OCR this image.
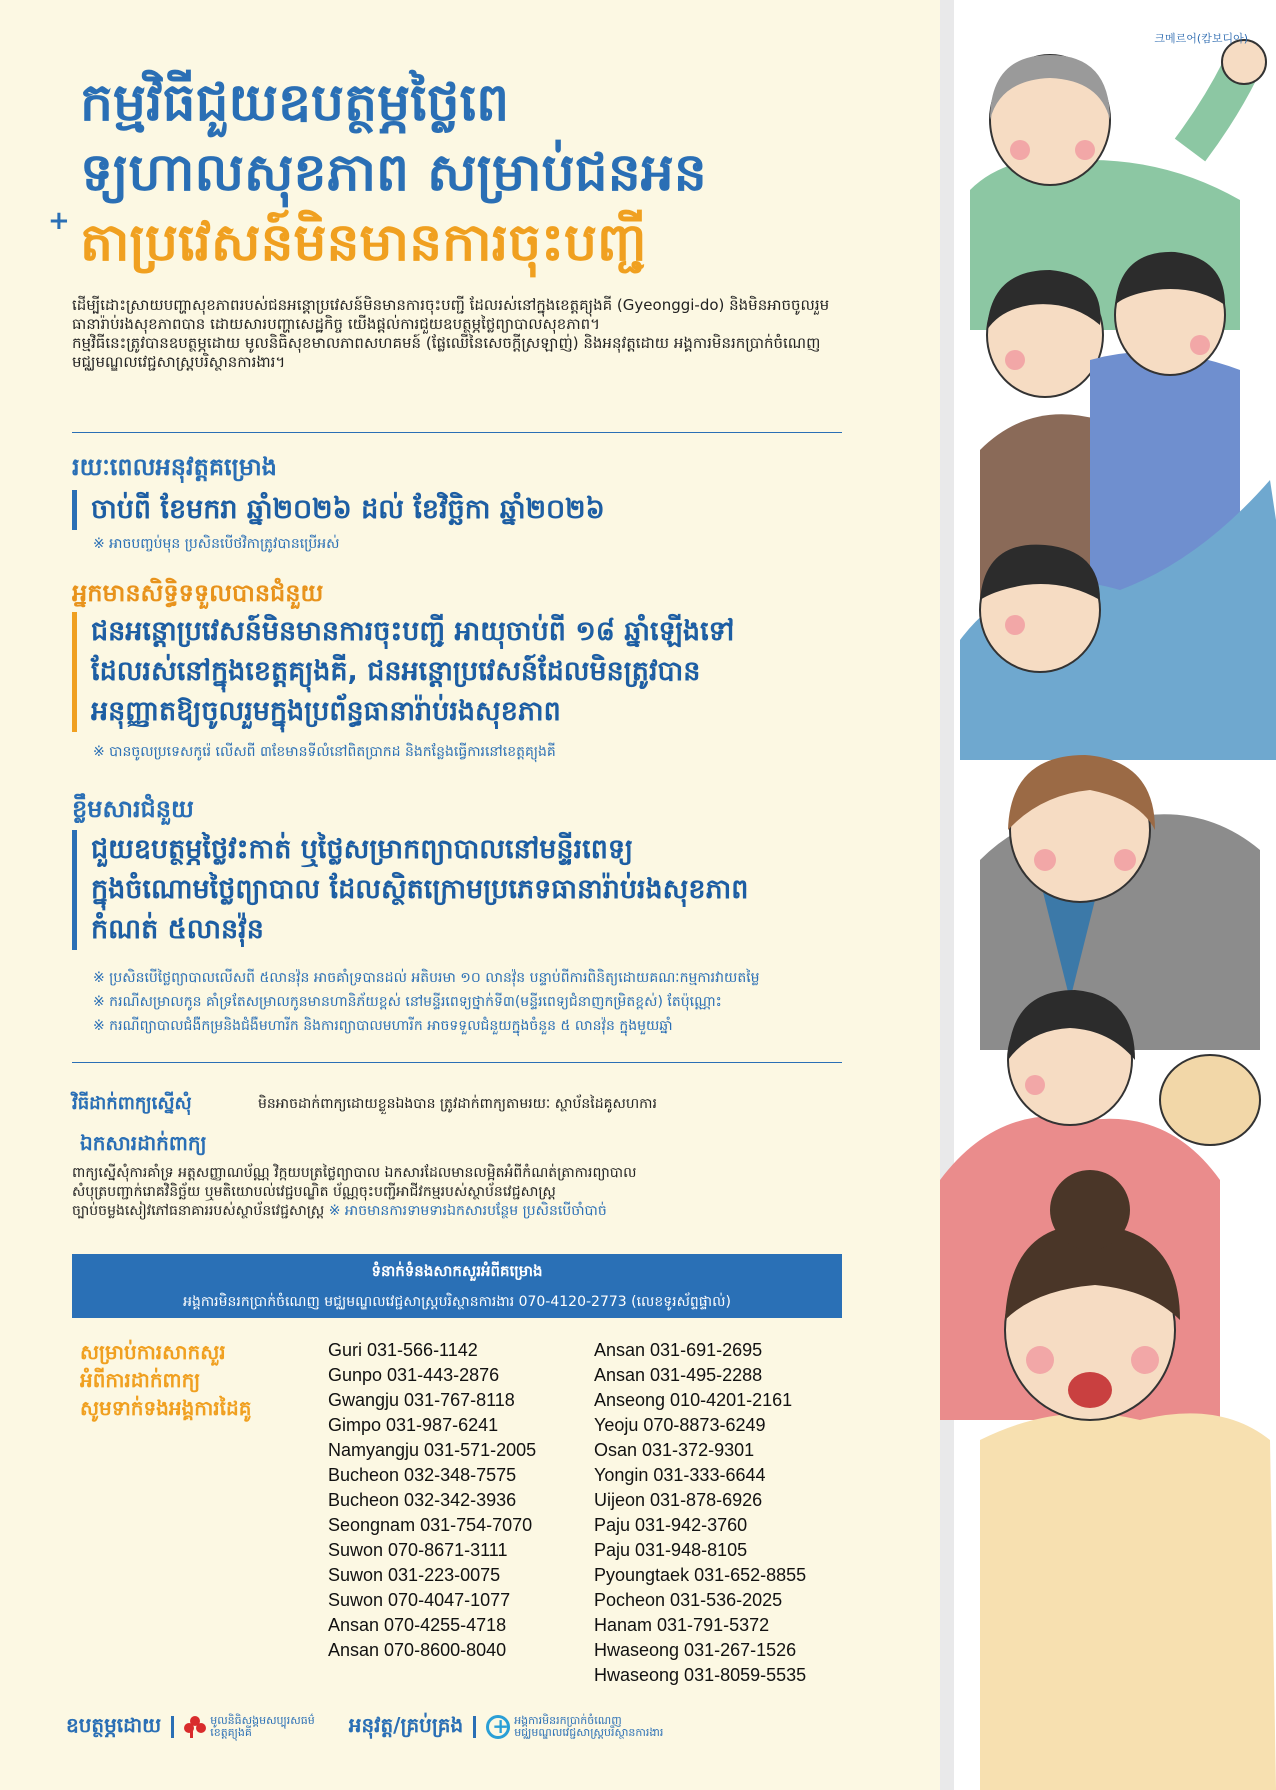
កម្មវិធីជួយឧបត្ថម្ភថ្លៃពេ
ទ្យហាលសុខភាព សម្រាប់ជនអន
តាប្រវេសន៍មិនមានការចុះបញ្ជី
+

ដើម្បីដោះស្រាយបញ្ហាសុខភាពរបស់ជនអន្តោប្រវេសន៍មិនមានការចុះបញ្ជី ដែលរស់នៅក្នុងខេត្តគ្យុងគី (Gyeonggi-do) និងមិនអាចចូលរួមធានារ៉ាប់រងសុខភាពបាន ដោយសារបញ្ហាសេដ្ឋកិច្ច យើងផ្តល់ការជួយឧបត្ថម្ភថ្លៃព្យាបាលសុខភាព។

កម្មវិធីនេះត្រូវបានឧបត្ថម្ភដោយ មូលនិធិសុខមាលភាពសហគមន៍ (ផ្លែឈើនៃសេចក្តីស្រឡាញ់) និងអនុវត្តដោយ អង្គការមិនរកប្រាក់ចំណេញ មជ្ឈមណ្ឌលវេជ្ជសាស្ត្របរិស្ថានការងារ។

រយៈពេលអនុវត្តគម្រោង
ចាប់ពី ខែមករា ឆ្នាំ២០២៦ ដល់ ខែវិច្ឆិកា ឆ្នាំ២០២៦
※ អាចបញ្ចប់មុន ប្រសិនបើថវិកាត្រូវបានប្រើអស់
អ្នកមានសិទ្ធិទទួលបានជំនួយ
ជនអន្តោប្រវេសន៍មិនមានការចុះបញ្ជី អាយុចាប់ពី ១៨ ឆ្នាំឡើងទៅ
ដែលរស់នៅក្នុងខេត្តគ្យុងគី, ជនអន្តោប្រវេសន៍ដែលមិនត្រូវបាន
អនុញ្ញាតឱ្យចូលរួមក្នុងប្រព័ន្ធធានារ៉ាប់រងសុខភាព
※ បានចូលប្រទេសកូរ៉េ លើសពី ៣ខែមានទីលំនៅពិតប្រាកដ និងកន្លែងធ្វើការនៅខេត្តគ្យុងគី
ខ្លឹមសារជំនួយ
ជួយឧបត្ថម្ភថ្លៃវះកាត់ ឬថ្លៃសម្រាកព្យាបាលនៅមន្ទីរពេទ្យ
ក្នុងចំណោមថ្លៃព្យាបាល ដែលស្ថិតក្រោមប្រភេទធានារ៉ាប់រងសុខភាព
កំណត់ ៥លានវ៉ុន
※ ប្រសិនបើថ្លៃព្យាបាលលើសពី ៥លានវ៉ុន អាចគាំទ្របានដល់ អតិបរមា ១០ លានវ៉ុន បន្ទាប់ពីការពិនិត្យដោយគណៈកម្មការវាយតម្លៃ
※ ករណីសម្រាលកូន គាំទ្រតែសម្រាលកូនមានហានិភ័យខ្ពស់ នៅមន្ទីរពេទ្យថ្នាក់ទី៣(មន្ទីរពេទ្យជំនាញកម្រិតខ្ពស់) តែប៉ុណ្ណោះ
※ ករណីព្យាបាលជំងឺកម្រនិងជំងឺមហារីក និងការព្យាបាលមហារីក អាចទទួលជំនួយក្នុងចំនួន ៥ លានវ៉ុន ក្នុងមួយឆ្នាំ
វិធីដាក់ពាក្យស្នើសុំ	មិនអាចដាក់ពាក្យដោយខ្លួនឯងបាន ត្រូវដាក់ពាក្យតាមរយៈ ស្ថាប័នដៃគូសហការ
ឯកសារដាក់ពាក្យ
ពាក្យស្នើសុំការគាំទ្រ អត្តសញ្ញាណប័ណ្ណ វិក្កយបត្រថ្លៃព្យាបាល ឯកសារដែលមានលម្អិតអំពីកំណត់ត្រាការព្យាបាល
សំបុត្របញ្ជាក់រោគវិនិច្ឆ័យ ឬមតិយោបល់វេជ្ជបណ្ឌិត ប័ណ្ណចុះបញ្ជីអាជីវកម្មរបស់ស្ថាប័នវេជ្ជសាស្ត្រ
ច្បាប់ចម្លងសៀវភៅធនាគាររបស់ស្ថាប័នវេជ្ជសាស្ត្រ ※ អាចមានការទាមទារឯកសារបន្ថែម ប្រសិនបើចាំបាច់
ទំនាក់ទំនងសាកសួរអំពីគម្រោង
អង្គការមិនរកប្រាក់ចំណេញ មជ្ឈមណ្ឌលវេជ្ជសាស្ត្របរិស្ថានការងារ 070-4120-2773 (លេខទូរស័ព្ទផ្ទាល់)
សម្រាប់ការសាកសួរ
អំពីការដាក់ពាក្យ
សូមទាក់ទងអង្គការដៃគូ
Guri 031-566-1142
Gunpo 031-443-2876
Gwangju 031-767-8118
Gimpo 031-987-6241
Namyangju 031-571-2005
Bucheon 032-348-7575
Bucheon 032-342-3936
Seongnam 031-754-7070
Suwon 070-8671-3111
Suwon 031-223-0075
Suwon 070-4047-1077
Ansan 070-4255-4718
Ansan 070-8600-8040
Ansan 031-691-2695
Ansan 031-495-2288
Anseong 010-4201-2161
Yeoju 070-8873-6249
Osan 031-372-9301
Yongin 031-333-6644
Uijeon 031-878-6926
Paju 031-942-3760
Paju 031-948-8105
Pyoungtaek 031-652-8855
Pocheon 031-536-2025
Hanam 031-791-5372
Hwaseong 031-267-1526
Hwaseong 031-8059-5535
ឧបត្ថម្ភដោយ	មូលនិធិសង្គមសប្បុរសធម៌
ខេត្តគ្យុងគី	អនុវត្ត/គ្រប់គ្រង
+	អង្គការមិនរកប្រាក់ចំណេញ
មជ្ឈមណ្ឌលវេជ្ជសាស្ត្របរិស្ថានការងារ
크메르어(캄보디아)
